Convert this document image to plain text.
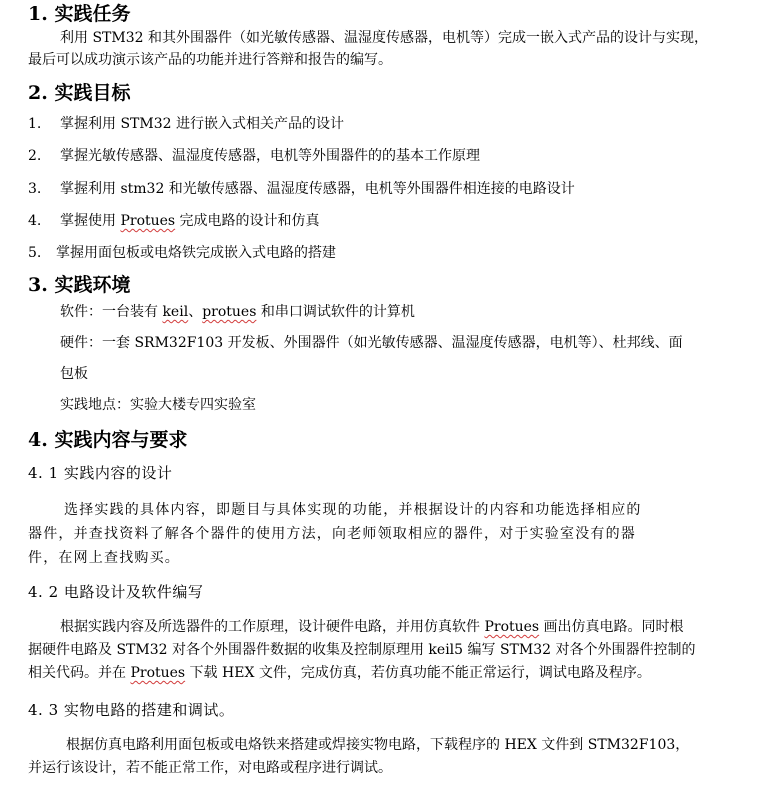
1. 实践任务
利用 STM32 和其外围器件（如光敏传感器、温湿度传感器，电机等）完成一嵌入式产品的设计与实现，
最后可以成功演示该产品的功能并进行答辩和报告的编写。
2. 实践目标
1. 掌握利用 STM32 进行嵌入式相关产品的设计
2. 掌握光敏传感器、温湿度传感器，电机等外围器件的的基本工作原理
3. 掌握利用 stm32 和光敏传感器、温湿度传感器，电机等外围器件相连接的电路设计
4. 掌握使用 Protues 完成电路的设计和仿真
5. 掌握用面包板或电烙铁完成嵌入式电路的搭建
3. 实践环境
软件：一台装有 keil、protues 和串口调试软件的计算机
硬件：一套 SRM32F103 开发板、外围器件（如光敏传感器、温湿度传感器，电机等）、杜邦线、面
包板
实践地点：实验大楼专四实验室
4. 实践内容与要求
4. 1 实践内容的设计
选择实践的具体内容，即题目与具体实现的功能，并根据设计的内容和功能选择相应的
器件，并查找资料了解各个器件的使用方法，向老师领取相应的器件，对于实验室没有的器
件，在网上查找购买。
4. 2 电路设计及软件编写
根据实践内容及所选器件的工作原理，设计硬件电路，并用仿真软件 Protues 画出仿真电路。同时根
据硬件电路及 STM32 对各个外围器件数据的收集及控制原理用 keil5 编写 STM32 对各个外围器件控制的
相关代码。并在 Protues 下载 HEX 文件，完成仿真，若仿真功能不能正常运行，调试电路及程序。
4. 3 实物电路的搭建和调试。
根据仿真电路利用面包板或电烙铁来搭建或焊接实物电路，下载程序的 HEX 文件到 STM32F103，
并运行该设计，若不能正常工作，对电路或程序进行调试。
